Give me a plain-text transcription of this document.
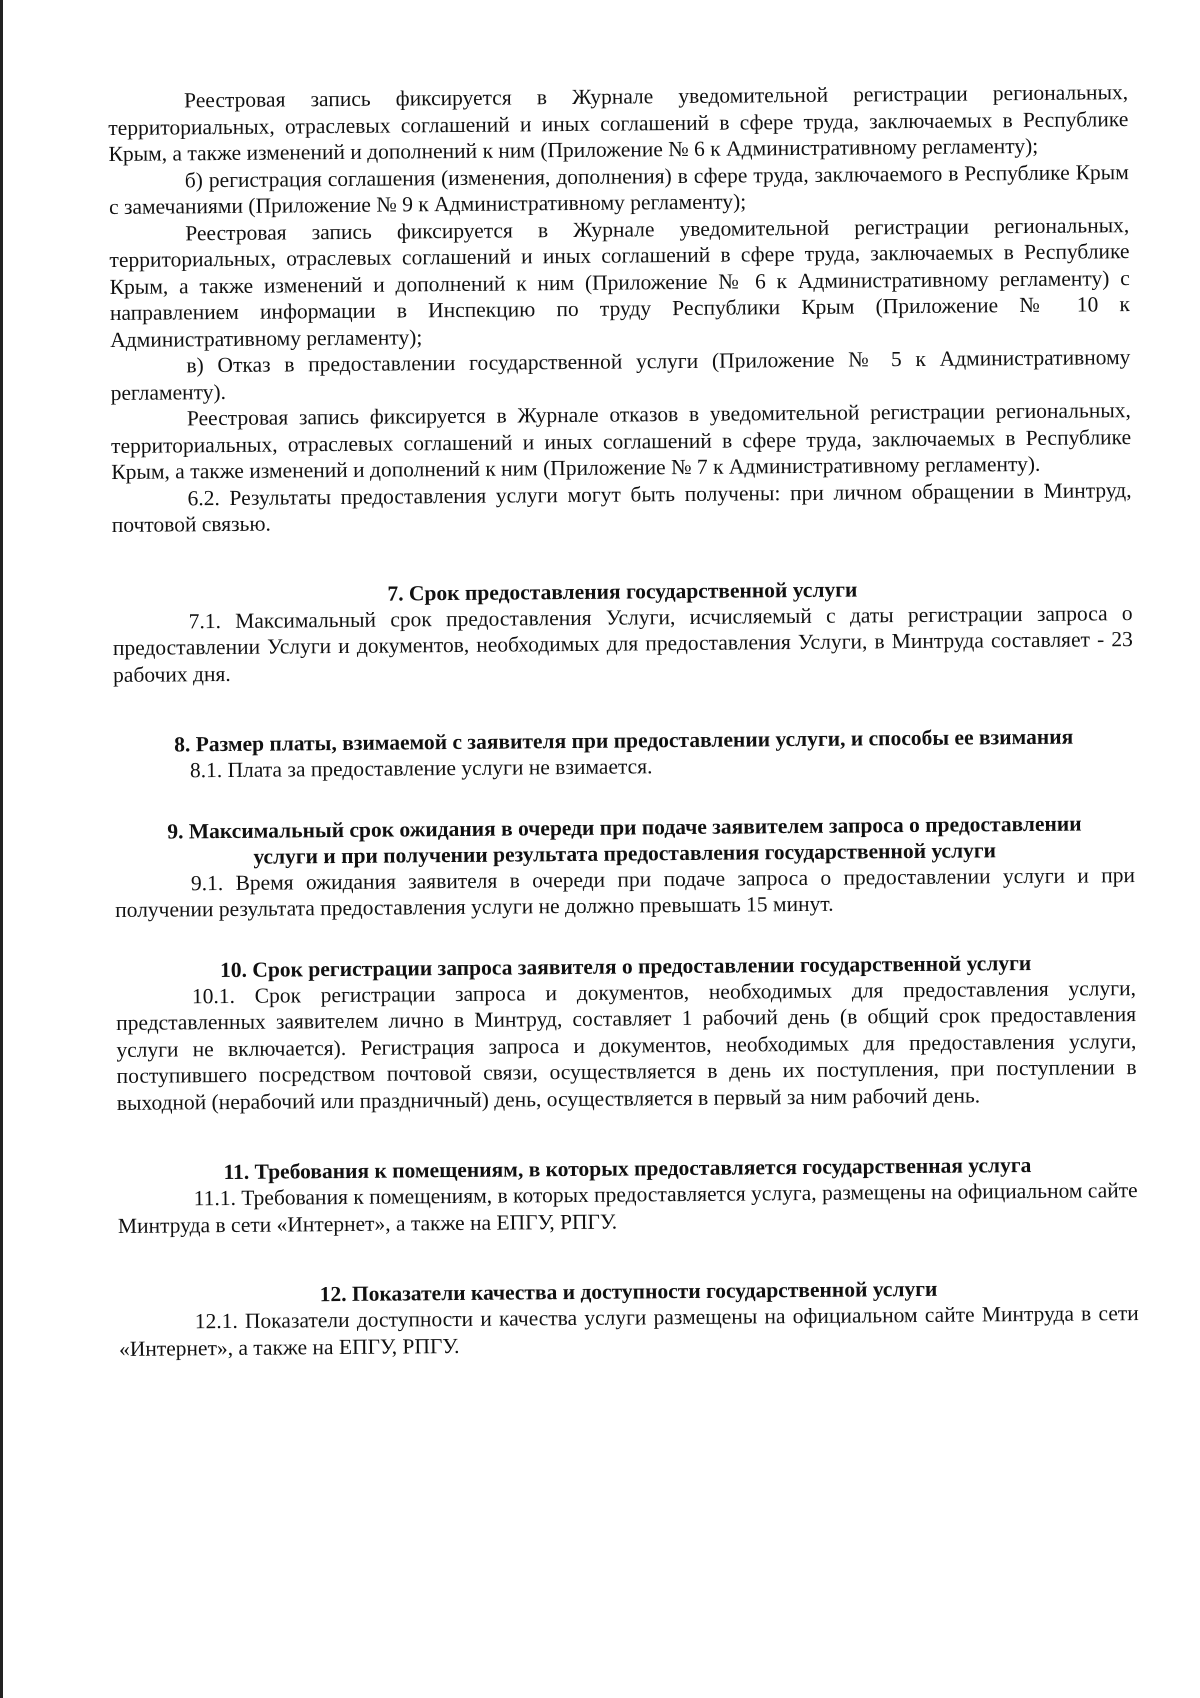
Реестровая запись фиксируется в Журнале уведомительной регистрации региональных, территориальных, отраслевых соглашений и иных соглашений в сфере труда, заключаемых в Республике Крым, а также изменений и дополнений к ним (Приложение № 6 к Административному регламенту);

б) регистрация соглашения (изменения, дополнения) в сфере труда, заключаемого в Республике Крым с замечаниями (Приложение № 9 к Административному регламенту);

Реестровая запись фиксируется в Журнале уведомительной регистрации региональных, территориальных, отраслевых соглашений и иных соглашений в сфере труда, заключаемых в Республике Крым, а также изменений и дополнений к ним (Приложение № 6 к Административному регламенту) с направлением информации в Инспекцию по труду Республики Крым (Приложение № 10 к Административному регламенту);

в) Отказ в предоставлении государственной услуги (Приложение № 5 к Административному регламенту).

Реестровая запись фиксируется в Журнале отказов в уведомительной регистрации региональных, территориальных, отраслевых соглашений и иных соглашений в сфере труда, заключаемых в Республике Крым, а также изменений и дополнений к ним (Приложение № 7 к Административному регламенту).

6.2. Результаты предоставления услуги могут быть получены: при личном обращении в Минтруд, почтовой связью.

7. Срок предоставления государственной услуги

7.1. Максимальный срок предоставления Услуги, исчисляемый с даты регистрации запроса о предоставлении Услуги и документов, необходимых для предоставления Услуги, в Минтруда составляет - 23 рабочих дня.

8. Размер платы, взимаемой с заявителя при предоставлении услуги, и способы ее взимания

8.1. Плата за предоставление услуги не взимается.

9. Максимальный срок ожидания в очереди при подаче заявителем запроса о предоставлении услуги и при получении результата предоставления государственной услуги

9.1. Время ожидания заявителя в очереди при подаче запроса о предоставлении услуги и при получении результата предоставления услуги не должно превышать 15 минут.

10. Срок регистрации запроса заявителя о предоставлении государственной услуги

10.1. Срок регистрации запроса и документов, необходимых для предоставления услуги, представленных заявителем лично в Минтруд, составляет 1 рабочий день (в общий срок предоставления услуги не включается). Регистрация запроса и документов, необходимых для предоставления услуги, поступившего посредством почтовой связи, осуществляется в день их поступления, при поступлении в выходной (нерабочий или праздничный) день, осуществляется в первый за ним рабочий день.

11. Требования к помещениям, в которых предоставляется государственная услуга

11.1. Требования к помещениям, в которых предоставляется услуга, размещены на официальном сайте Минтруда в сети «Интернет», а также на ЕПГУ, РПГУ.

12. Показатели качества и доступности государственной услуги

12.1. Показатели доступности и качества услуги размещены на официальном сайте Минтруда в сети «Интернет», а также на ЕПГУ, РПГУ.
